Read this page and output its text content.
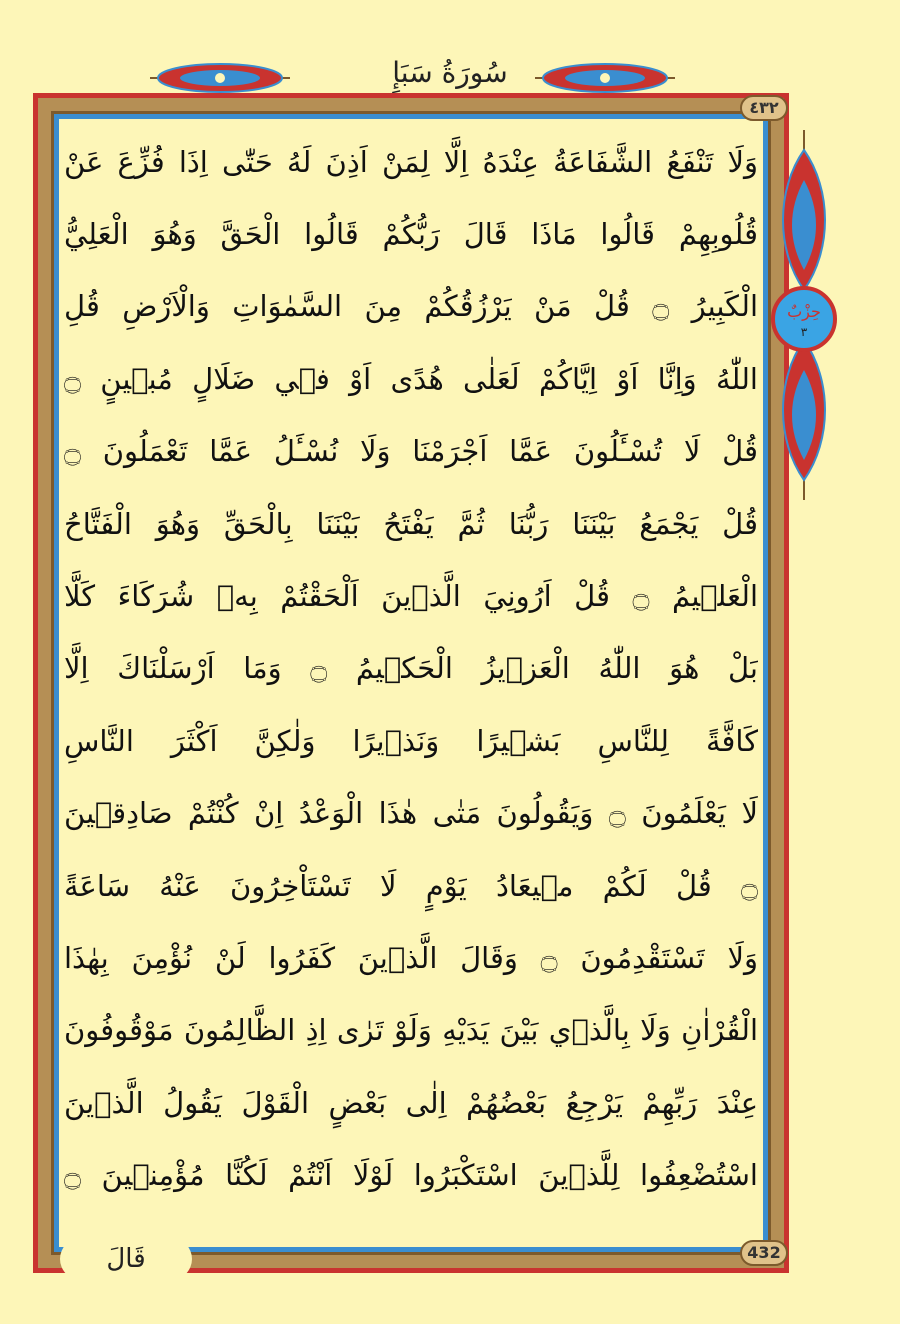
سُورَةُ سَبَإٍ
٤٣٢
حِزْبٌ
٣
وَلَا تَنْفَعُ الشَّفَاعَةُ عِنْدَهُ اِلَّا لِمَنْ اَذِنَ لَهُ حَتّٰى اِذَا فُزِّعَ عَنْ
قُلُوبِهِمْ قَالُوا مَاذَا قَالَ رَبُّكُمْ قَالُوا الْحَقَّ وَهُوَ الْعَلِيُّ
الْكَبِيرُ ۝ قُلْ مَنْ يَرْزُقُكُمْ مِنَ السَّمٰوَاتِ وَالْاَرْضِ قُلِ
اللّٰهُ وَاِنَّا اَوْ اِيَّاكُمْ لَعَلٰى هُدًى اَوْ فٖي ضَلَالٍ مُبٖينٍ ۝
قُلْ لَا تُسْـَٔلُونَ عَمَّا اَجْرَمْنَا وَلَا نُسْـَٔلُ عَمَّا تَعْمَلُونَ ۝
قُلْ يَجْمَعُ بَيْنَنَا رَبُّنَا ثُمَّ يَفْتَحُ بَيْنَنَا بِالْحَقِّ وَهُوَ الْفَتَّاحُ
الْعَلٖيمُ ۝ قُلْ اَرُونِيَ الَّذٖينَ اَلْحَقْتُمْ بِهٖ شُرَكَاءَ كَلَّا
بَلْ هُوَ اللّٰهُ الْعَزٖيزُ الْحَكٖيمُ ۝ وَمَا اَرْسَلْنَاكَ اِلَّا
كَافَّةً لِلنَّاسِ بَشٖيرًا وَنَذٖيرًا وَلٰكِنَّ اَكْثَرَ النَّاسِ
لَا يَعْلَمُونَ ۝ وَيَقُولُونَ مَتٰى هٰذَا الْوَعْدُ اِنْ كُنْتُمْ صَادِقٖينَ
۝ قُلْ لَكُمْ مٖيعَادُ يَوْمٍ لَا تَسْتَاْخِرُونَ عَنْهُ سَاعَةً
وَلَا تَسْتَقْدِمُونَ ۝ وَقَالَ الَّذٖينَ كَفَرُوا لَنْ نُؤْمِنَ بِهٰذَا
الْقُرْاٰنِ وَلَا بِالَّذٖي بَيْنَ يَدَيْهِ وَلَوْ تَرٰى اِذِ الظَّالِمُونَ مَوْقُوفُونَ
عِنْدَ رَبِّهِمْ يَرْجِعُ بَعْضُهُمْ اِلٰى بَعْضٍ الْقَوْلَ يَقُولُ الَّذٖينَ
اسْتُضْعِفُوا لِلَّذٖينَ اسْتَكْبَرُوا لَوْلَا اَنْتُمْ لَكُنَّا مُؤْمِنٖينَ ۝
432
قَالَ
